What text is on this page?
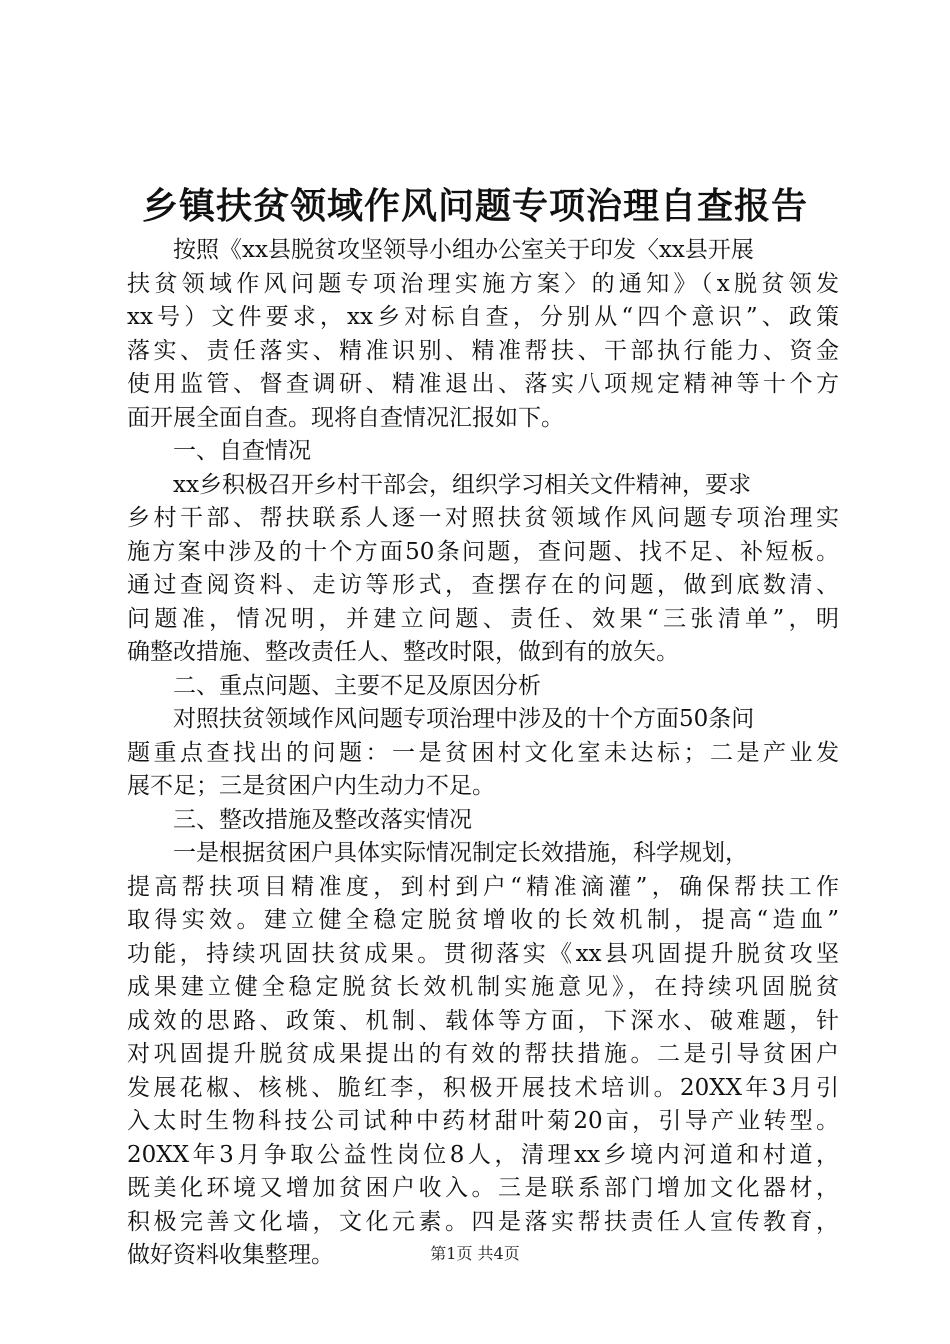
乡镇扶贫领域作风问题专项治理自查报告
按照《xx县脱贫攻坚领导小组办公室关于印发〈xx县开展
扶贫领域作风问题专项治理实施方案〉的通知》（x脱贫领发
xx号）文件要求，xx乡对标自查，分别从“四个意识”、政策
落实、责任落实、精准识别、精准帮扶、干部执行能力、资金
使用监管、督查调研、精准退出、落实八项规定精神等十个方
面开展全面自查。现将自查情况汇报如下。
一、自查情况
xx乡积极召开乡村干部会，组织学习相关文件精神，要求
乡村干部、帮扶联系人逐一对照扶贫领域作风问题专项治理实
施方案中涉及的十个方面50条问题，查问题、找不足、补短板。
通过查阅资料、走访等形式，查摆存在的问题，做到底数清、
问题准，情况明，并建立问题、责任、效果“三张清单”，明
确整改措施、整改责任人、整改时限，做到有的放矢。
二、重点问题、主要不足及原因分析
对照扶贫领域作风问题专项治理中涉及的十个方面50条问
题重点查找出的问题：一是贫困村文化室未达标；二是产业发
展不足；三是贫困户内生动力不足。
三、整改措施及整改落实情况
一是根据贫困户具体实际情况制定长效措施，科学规划，
提高帮扶项目精准度，到村到户“精准滴灌”，确保帮扶工作
取得实效。建立健全稳定脱贫增收的长效机制，提高“造血”
功能，持续巩固扶贫成果。贯彻落实《xx县巩固提升脱贫攻坚
成果建立健全稳定脱贫长效机制实施意见》，在持续巩固脱贫
成效的思路、政策、机制、载体等方面，下深水、破难题，针
对巩固提升脱贫成果提出的有效的帮扶措施。二是引导贫困户
发展花椒、核桃、脆红李，积极开展技术培训。20XX年3月引
入太时生物科技公司试种中药材甜叶菊20亩，引导产业转型。
20XX年3月争取公益性岗位8人，清理xx乡境内河道和村道，
既美化环境又增加贫困户收入。三是联系部门增加文化器材，
积极完善文化墙，文化元素。四是落实帮扶责任人宣传教育，
做好资料收集整理。	第1页 共4页
